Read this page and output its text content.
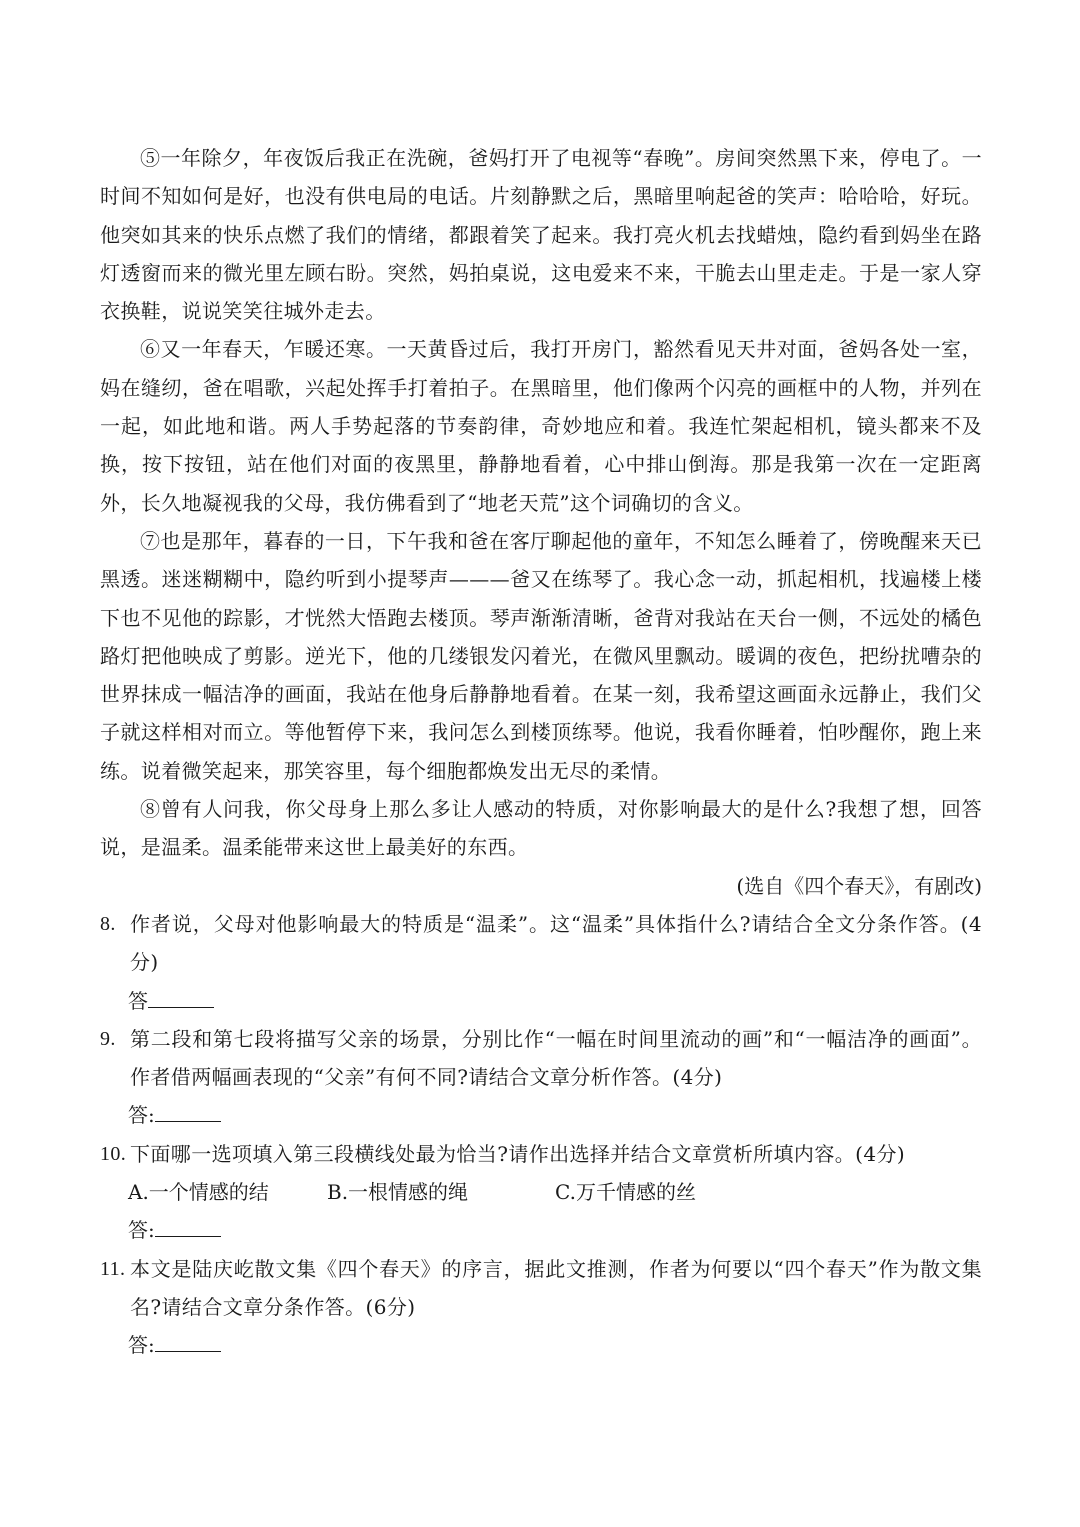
⑤一年除夕，年夜饭后我正在洗碗，爸妈打开了电视等“春晚”。房间突然黑下来，停电了。一时间不知如何是好，也没有供电局的电话。片刻静默之后，黑暗里响起爸的笑声：哈哈哈，好玩。他突如其来的快乐点燃了我们的情绪，都跟着笑了起来。我打亮火机去找蜡烛，隐约看到妈坐在路灯透窗而来的微光里左顾右盼。突然，妈拍桌说，这电爱来不来，干脆去山里走走。于是一家人穿衣换鞋，说说笑笑往城外走去。

⑥又一年春天，乍暖还寒。一天黄昏过后，我打开房门，豁然看见天井对面，爸妈各处一室，妈在缝纫，爸在唱歌，兴起处挥手打着拍子。在黑暗里，他们像两个闪亮的画框中的人物，并列在一起，如此地和谐。两人手势起落的节奏韵律，奇妙地应和着。我连忙架起相机，镜头都来不及换，按下按钮，站在他们对面的夜黑里，静静地看着，心中排山倒海。那是我第一次在一定距离外，长久地凝视我的父母，我仿佛看到了“地老天荒”这个词确切的含义。

⑦也是那年，暮春的一日，下午我和爸在客厅聊起他的童年，不知怎么睡着了，傍晚醒来天已黑透。迷迷糊糊中，隐约听到小提琴声———爸又在练琴了。我心念一动，抓起相机，找遍楼上楼下也不见他的踪影，才恍然大悟跑去楼顶。琴声渐渐清晰，爸背对我站在天台一侧，不远处的橘色路灯把他映成了剪影。逆光下，他的几缕银发闪着光，在微风里飘动。暖调的夜色，把纷扰嘈杂的世界抹成一幅洁净的画面，我站在他身后静静地看着。在某一刻，我希望这画面永远静止，我们父子就这样相对而立。等他暂停下来，我问怎么到楼顶练琴。他说，我看你睡着，怕吵醒你，跑上来练。说着微笑起来，那笑容里，每个细胞都焕发出无尽的柔情。

⑧曾有人问我，你父母身上那么多让人感动的特质，对你影响最大的是什么?我想了想，回答说，是温柔。温柔能带来这世上最美好的东西。

(选自《四个春天》，有剧改)

8. 作者说，父母对他影响最大的特质是“温柔”。这“温柔”具体指什么?请结合全文分条作答。(4分)

答

9. 第二段和第七段将描写父亲的场景，分别比作“一幅在时间里流动的画”和“一幅洁净的画面”。作者借两幅画表现的“父亲”有何不同?请结合文章分析作答。(4分)

答:

10. 下面哪一选项填入第三段横线处最为恰当?请作出选择并结合文章赏析所填内容。(4分)

A.一个情感的结	B.一根情感的绳	C.万千情感的丝

答:

11. 本文是陆庆屹散文集《四个春天》的序言，据此文推测，作者为何要以“四个春天”作为散文集名?请结合文章分条作答。(6分)

答:
